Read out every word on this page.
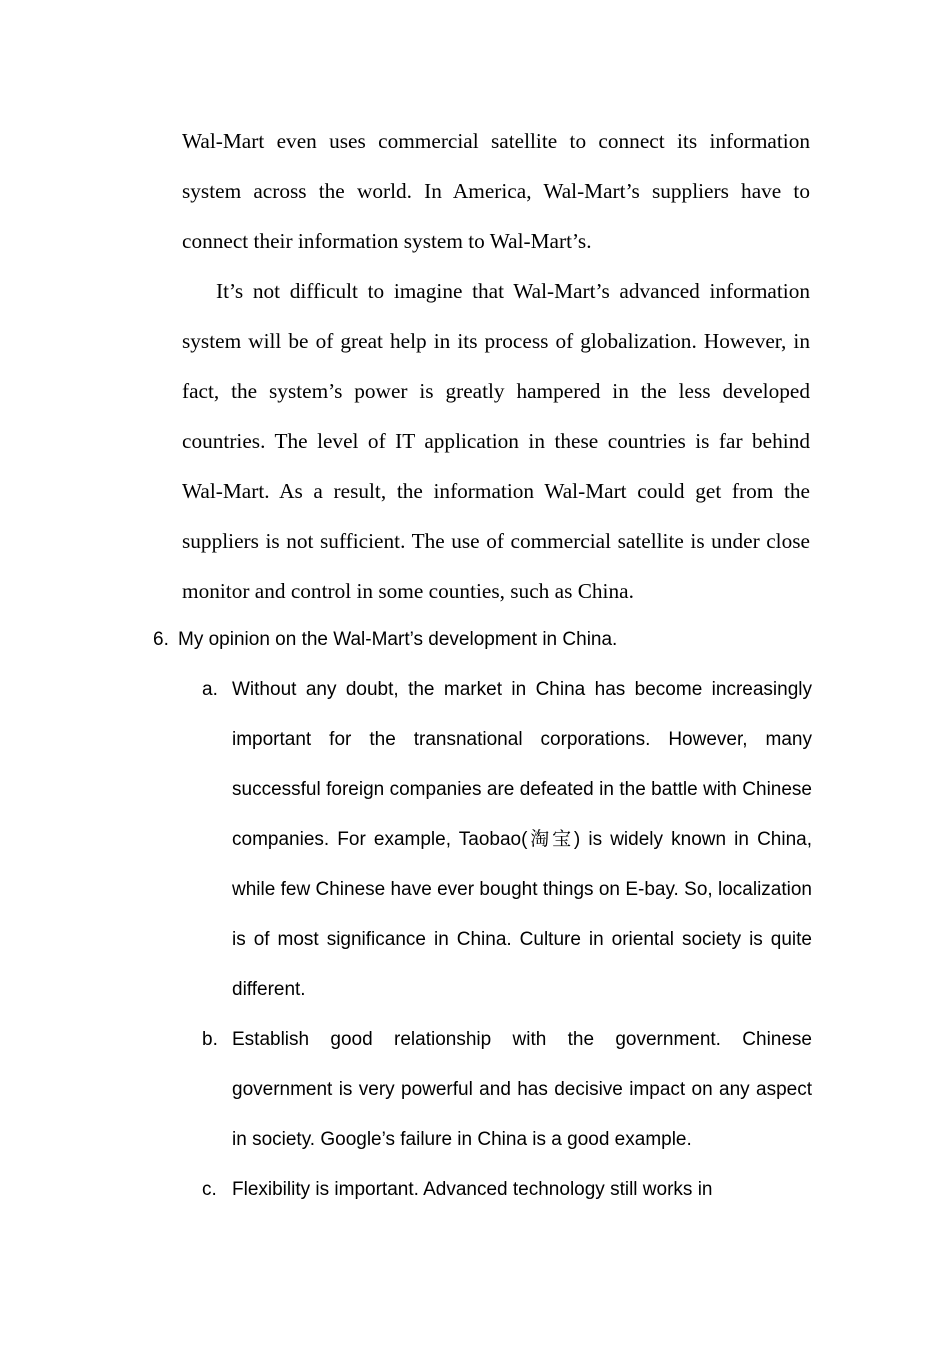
Wal-Mart even uses commercial satellite to connect its information system across the world. In America, Wal-Mart’s suppliers have to connect their information system to Wal-Mart’s.

It’s not difficult to imagine that Wal-Mart’s advanced information system will be of great help in its process of globalization. However, in fact, the system’s power is greatly hampered in the less developed countries. The level of IT application in these countries is far behind Wal-Mart. As a result, the information Wal-Mart could get from the suppliers is not sufficient. The use of commercial satellite is under close monitor and control in some counties, such as China.

6. My opinion on the Wal-Mart’s development in China.
a. Without any doubt, the market in China has become increasingly important for the transnational corporations. However, many successful foreign companies are defeated in the battle with Chinese companies. For example, Taobao(淘宝) is widely known in China, while few Chinese have ever bought things on E-bay. So, localization is of most significance in China. Culture in oriental society is quite different.
b. Establish good relationship with the government. Chinese government is very powerful and has decisive impact on any aspect in society. Google’s failure in China is a good example.
c. Flexibility is important. Advanced technology still works in
